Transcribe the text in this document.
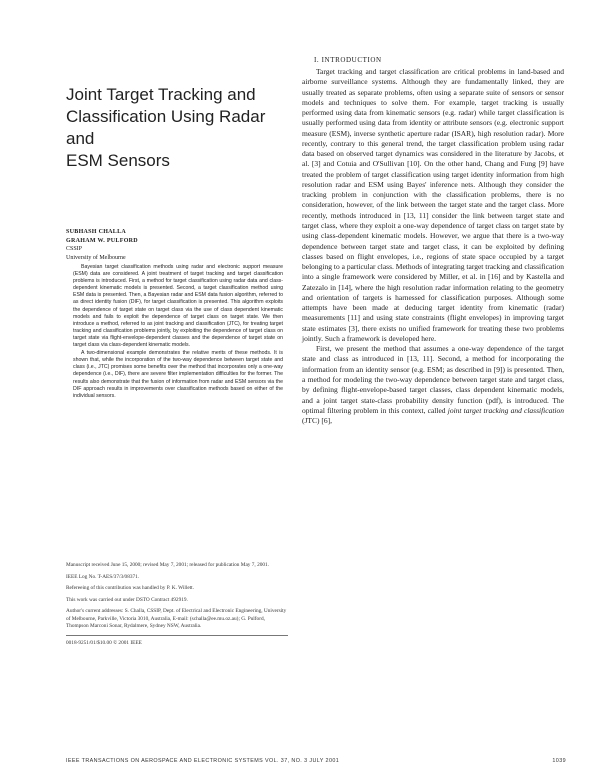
Joint Target Tracking and
Classification Using Radar and
ESM Sensors
SUBHASH CHALLA
GRAHAM W. PULFORD
CSSIP
University of Melbourne

Bayesian target classification methods using radar and electronic support measure (ESM) data are considered. A joint treatment of target tracking and target classification problems is introduced. First, a method for target classification using radar data and class-dependent kinematic models is presented. Second, a target classification method using ESM data is presented. Then, a Bayesian radar and ESM data fusion algorithm, referred to as direct identity fusion (DIF), for target classification is presented. This algorithm exploits the dependence of target state on target class via the use of class dependent kinematic models and fails to exploit the dependence of target class on target state. We then introduce a method, referred to as joint tracking and classification (JTC), for treating target tracking and classification problems jointly, by exploiting the dependence of target class on target state via flight-envelope-dependent classes and the dependence of target state on target class via class-dependent kinematic models.

A two-dimensional example demonstrates the relative merits of these methods. It is shown that, while the incorporation of the two-way dependence between target state and class (i.e., JTC) promises some benefits over the method that incorporates only a one-way dependence (i.e., DIF), there are severe filter implementation difficulties for the former. The results also demonstrate that the fusion of information from radar and ESM sensors via the DIF approach results in improvements over classification methods based on either of the individual sensors.

Manuscript received June 15, 2000; revised May 7, 2001; released for publication May 7, 2001.
IEEE Log No. T-AES/37/3/08371.
Refereeing of this contribution was handled by P. K. Willett.
This work was carried out under DSTO Contract 492919.
Author's current addresses: S. Challa, CSSIP, Dept. of Electrical and Electronic Engineering, University of Melbourne, Parkville, Victoria 3010, Australia, E-mail: (schalla@ee.mu.oz.au); G. Pulford, Thompson Marconi Sonar, Rydalmere, Sydney NSW, Australia.
0018-9251/01/$10.00 © 2001 IEEE
I. INTRODUCTION

Target tracking and target classification are critical problems in land-based and airborne surveillance systems. Although they are fundamentally linked, they are usually treated as separate problems, often using a separate suite of sensors or sensor models and techniques to solve them. For example, target tracking is usually performed using data from kinematic sensors (e.g. radar) while target classification is usually performed using data from identity or attribute sensors (e.g. electronic support measure (ESM), inverse synthetic aperture radar (ISAR), high resolution radar). More recently, contrary to this general trend, the target classification problem using radar data based on observed target dynamics was considered in the literature by Jacobs, et al. [3] and Cotuia and O'Sullivan [10]. On the other hand, Chang and Fung [9] have treated the problem of target classification using target identity information from high resolution radar and ESM using Bayes' inference nets. Although they consider the tracking problem in conjunction with the classification problems, there is no consideration, however, of the link between the target state and the target class. More recently, methods introduced in [13, 11] consider the link between target state and target class, where they exploit a one-way dependence of target class on target state by using class-dependent kinematic models. However, we argue that there is a two-way dependence between target state and target class, it can be exploited by defining classes based on flight envelopes, i.e., regions of state space occupied by a target belonging to a particular class. Methods of integrating target tracking and classification into a single framework were considered by Miller, et al. in [16] and by Kastella and Zatezalo in [14], where the high resolution radar information relating to the geometry and orientation of targets is harnessed for classification purposes. Although some attempts have been made at deducing target identity from kinematic (radar) measurements [11] and using state constraints (flight envelopes) in improving target state estimates [3], there exists no unified framework for treating these two problems jointly. Such a framework is developed here.

First, we present the method that assumes a one-way dependence of the target state and class as introduced in [13, 11]. Second, a method for incorporating the information from an identity sensor (e.g. ESM; as described in [9]) is presented. Then, a method for modeling the two-way dependence between target state and target class, by defining flight-envelope-based target classes, class dependent kinematic models, and a joint target state-class probability density function (pdf), is introduced. The optimal filtering problem in this context, called joint target tracking and classification (JTC) [6],

IEEE TRANSACTIONS ON AEROSPACE AND ELECTRONIC SYSTEMS VOL. 37, NO. 3 JULY 2001	1039
